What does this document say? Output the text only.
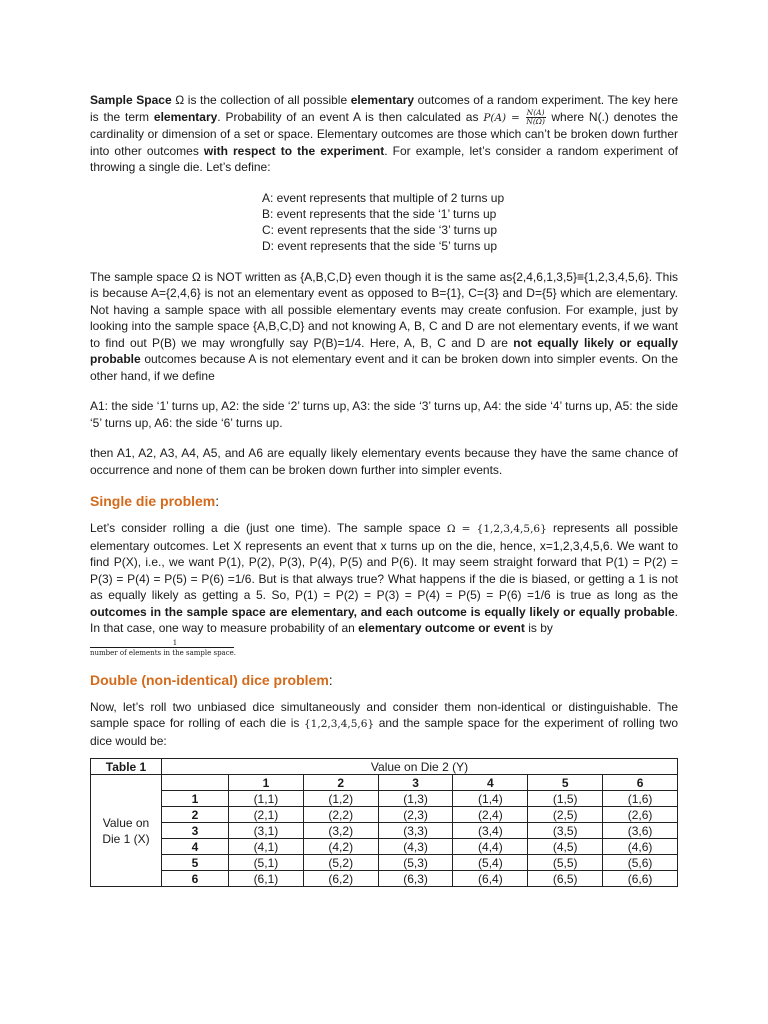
Sample Space Ω is the collection of all possible elementary outcomes of a random experiment. The key here is the term elementary. Probability of an event A is then calculated as $P(A) = \frac{N(A)}{N(\Omega)}$ where N(.) denotes the cardinality or dimension of a set or space. Elementary outcomes are those which can’t be broken down further into other outcomes with respect to the experiment. For example, let’s consider a random experiment of throwing a single die. Let’s define:

A: event represents that multiple of 2 turns up
B: event represents that the side ‘1’ turns up
C: event represents that the side ‘3’ turns up
D: event represents that the side ‘5’ turns up

The sample space Ω is NOT written as {A,B,C,D} even though it is the same as{2,4,6,1,3,5}≡{1,2,3,4,5,6}. This is because A={2,4,6} is not an elementary event as opposed to B={1}, C={3} and D={5} which are elementary. Not having a sample space with all possible elementary events may create confusion. For example, just by looking into the sample space {A,B,C,D} and not knowing A, B, C and D are not elementary events, if we want to find out P(B) we may wrongfully say P(B)=1/4. Here, A, B, C and D are not equally likely or equally probable outcomes because A is not elementary event and it can be broken down into simpler events. On the other hand, if we define

A1: the side ‘1’ turns up, A2: the side ‘2’ turns up, A3: the side ‘3’ turns up, A4: the side ‘4’ turns up, A5: the side ‘5’ turns up, A6: the side ‘6’ turns up.

then A1, A2, A3, A4, A5, and A6 are equally likely elementary events because they have the same chance of occurrence and none of them can be broken down further into simpler events.

Single die problem:

Let’s consider rolling a die (just one time). The sample space Ω = {1,2,3,4,5,6} represents all possible elementary outcomes. Let X represents an event that x turns up on the die, hence, x=1,2,3,4,5,6. We want to find P(X), i.e., we want P(1), P(2), P(3), P(4), P(5) and P(6). It may seem straight forward that P(1) = P(2) = P(3) = P(4) = P(5) = P(6) =1/6. But is that always true? What happens if the die is biased, or getting a 1 is not as equally likely as getting a 5. So, P(1) = P(2) = P(3) = P(4) = P(5) = P(6) =1/6 is true as long as the outcomes in the sample space are elementary, and each outcome is equally likely or equally probable. In that case, one way to measure probability of an elementary outcome or event is by

1
number of elements in the sample space.
Double (non-identical) dice problem:

Now, let’s roll two unbiased dice simultaneously and consider them non-identical or distinguishable. The sample space for rolling of each die is {1,2,3,4,5,6} and the sample space for the experiment of rolling two dice would be:

Table 1	Value on Die 2 (Y)						
Value on Die 1 (X)		1	2	3	4	5	6
	1	(1,1)	(1,2)	(1,3)	(1,4)	(1,5)	(1,6)
	2	(2,1)	(2,2)	(2,3)	(2,4)	(2,5)	(2,6)
	3	(3,1)	(3,2)	(3,3)	(3,4)	(3,5)	(3,6)
	4	(4,1)	(4,2)	(4,3)	(4,4)	(4,5)	(4,6)
	5	(5,1)	(5,2)	(5,3)	(5,4)	(5,5)	(5,6)
	6	(6,1)	(6,2)	(6,3)	(6,4)	(6,5)	(6,6)
